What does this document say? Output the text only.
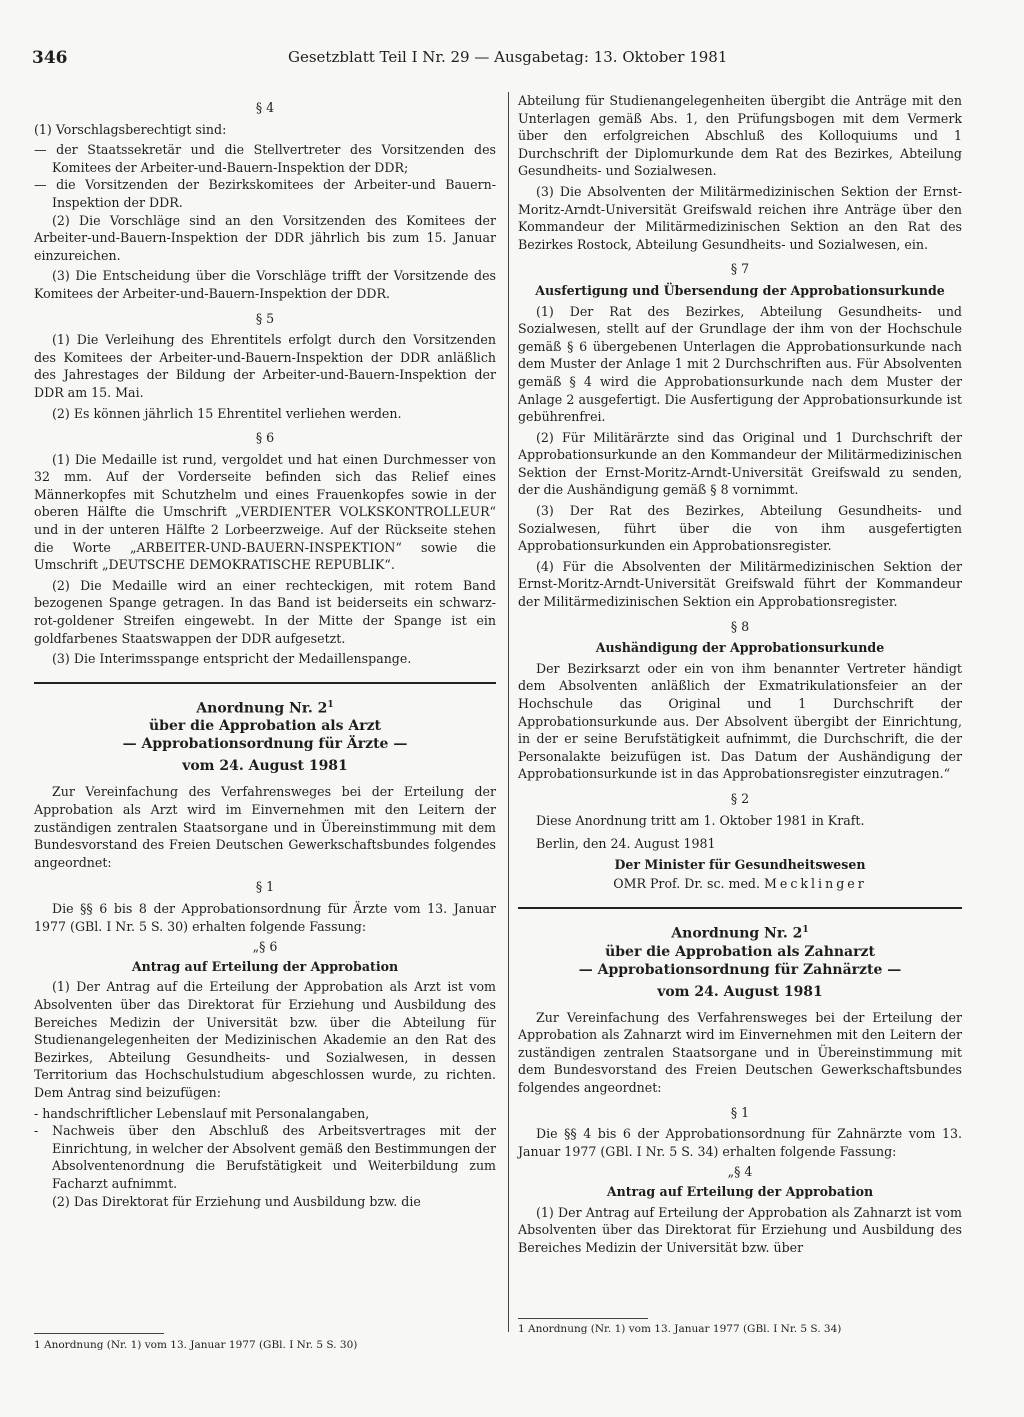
346	Gesetzblatt Teil I Nr. 29 — Ausgabetag: 13. Oktober 1981
§ 4

(1) Vorschlagsberechtigt sind:

— der Staatssekretär und die Stellvertreter des Vorsitzenden des Komitees der Arbeiter-und-Bauern-Inspektion der DDR;

— die Vorsitzenden der Bezirkskomitees der Arbeiter-und Bauern-Inspektion der DDR.

(2) Die Vorschläge sind an den Vorsitzenden des Komitees der Arbeiter-und-Bauern-Inspektion der DDR jährlich bis zum 15. Januar einzureichen.

(3) Die Entscheidung über die Vorschläge trifft der Vorsitzende des Komitees der Arbeiter-und-Bauern-Inspektion der DDR.

§ 5

(1) Die Verleihung des Ehrentitels erfolgt durch den Vorsitzenden des Komitees der Arbeiter-und-Bauern-Inspektion der DDR anläßlich des Jahrestages der Bildung der Arbeiter-und-Bauern-Inspektion der DDR am 15. Mai.

(2) Es können jährlich 15 Ehrentitel verliehen werden.

§ 6

(1) Die Medaille ist rund, vergoldet und hat einen Durchmesser von 32 mm. Auf der Vorderseite befinden sich das Relief eines Männerkopfes mit Schutzhelm und eines Frauenkopfes sowie in der oberen Hälfte die Umschrift „VERDIENTER VOLKSKONTROLLEUR“ und in der unteren Hälfte 2 Lorbeerzweige. Auf der Rückseite stehen die Worte „ARBEITER-UND-BAUERN-INSPEKTION“ sowie die Umschrift „DEUTSCHE DEMOKRATISCHE REPUBLIK“.

(2) Die Medaille wird an einer rechteckigen, mit rotem Band bezogenen Spange getragen. In das Band ist beiderseits ein schwarz-rot-goldener Streifen eingewebt. In der Mitte der Spange ist ein goldfarbenes Staatswappen der DDR aufgesetzt.

(3) Die Interimsspange entspricht der Medaillenspange.

Anordnung Nr. $2^1$
über die Approbation als Arzt
— Approbationsordnung für Ärzte —
vom 24. August 1981

Zur Vereinfachung des Verfahrensweges bei der Erteilung der Approbation als Arzt wird im Einvernehmen mit den Leitern der zuständigen zentralen Staatsorgane und in Übereinstimmung mit dem Bundesvorstand des Freien Deutschen Gewerkschaftsbundes folgendes angeordnet:

§ 1

Die §§ 6 bis 8 der Approbationsordnung für Ärzte vom 13. Januar 1977 (GBl. I Nr. 5 S. 30) erhalten folgende Fassung:

„§ 6
Antrag auf Erteilung der Approbation

(1) Der Antrag auf die Erteilung der Approbation als Arzt ist vom Absolventen über das Direktorat für Erziehung und Ausbildung des Bereiches Medizin der Universität bzw. über die Abteilung für Studienangelegenheiten der Medizinischen Akademie an den Rat des Bezirkes, Abteilung Gesundheits- und Sozialwesen, in dessen Territorium das Hochschulstudium abgeschlossen wurde, zu richten. Dem Antrag sind beizufügen:

- handschriftlicher Lebenslauf mit Personalangaben,

- Nachweis über den Abschluß des Arbeitsvertrages mit der Einrichtung, in welcher der Absolvent gemäß den Bestimmungen der Absolventenordnung die Berufstätigkeit und Weiterbildung zum Facharzt aufnimmt.

(2) Das Direktorat für Erziehung und Ausbildung bzw. die

1 Anordnung (Nr. 1) vom 13. Januar 1977 (GBl. I Nr. 5 S. 30)

Abteilung für Studienangelegenheiten übergibt die Anträge mit den Unterlagen gemäß Abs. 1, den Prüfungsbogen mit dem Vermerk über den erfolgreichen Abschluß des Kolloquiums und 1 Durchschrift der Diplomurkunde dem Rat des Bezirkes, Abteilung Gesundheits- und Sozialwesen.

(3) Die Absolventen der Militärmedizinischen Sektion der Ernst-Moritz-Arndt-Universität Greifswald reichen ihre Anträge über den Kommandeur der Militärmedizinischen Sektion an den Rat des Bezirkes Rostock, Abteilung Gesundheits- und Sozialwesen, ein.

§ 7
Ausfertigung und Übersendung der Approbationsurkunde

(1) Der Rat des Bezirkes, Abteilung Gesundheits- und Sozialwesen, stellt auf der Grundlage der ihm von der Hochschule gemäß § 6 übergebenen Unterlagen die Approbationsurkunde nach dem Muster der Anlage 1 mit 2 Durchschriften aus. Für Absolventen gemäß § 4 wird die Approbationsurkunde nach dem Muster der Anlage 2 ausgefertigt. Die Ausfertigung der Approbationsurkunde ist gebührenfrei.

(2) Für Militärärzte sind das Original und 1 Durchschrift der Approbationsurkunde an den Kommandeur der Militärmedizinischen Sektion der Ernst-Moritz-Arndt-Universität Greifswald zu senden, der die Aushändigung gemäß § 8 vornimmt.

(3) Der Rat des Bezirkes, Abteilung Gesundheits- und Sozialwesen, führt über die von ihm ausgefertigten Approbationsurkunden ein Approbationsregister.

(4) Für die Absolventen der Militärmedizinischen Sektion der Ernst-Moritz-Arndt-Universität Greifswald führt der Kommandeur der Militärmedizinischen Sektion ein Approbationsregister.

§ 8
Aushändigung der Approbationsurkunde

Der Bezirksarzt oder ein von ihm benannter Vertreter händigt dem Absolventen anläßlich der Exmatrikulationsfeier an der Hochschule das Original und 1 Durchschrift der Approbationsurkunde aus. Der Absolvent übergibt der Einrichtung, in der er seine Berufstätigkeit aufnimmt, die Durchschrift, die der Personalakte beizufügen ist. Das Datum der Aushändigung der Approbationsurkunde ist in das Approbationsregister einzutragen.“

§ 2

Diese Anordnung tritt am 1. Oktober 1981 in Kraft.

Berlin, den 24. August 1981

Der Minister für Gesundheitswesen
OMR Prof. Dr. sc. med. Mecklinger
Anordnung Nr. $2^1$
über die Approbation als Zahnarzt
— Approbationsordnung für Zahnärzte —
vom 24. August 1981

Zur Vereinfachung des Verfahrensweges bei der Erteilung der Approbation als Zahnarzt wird im Einvernehmen mit den Leitern der zuständigen zentralen Staatsorgane und in Übereinstimmung mit dem Bundesvorstand des Freien Deutschen Gewerkschaftsbundes folgendes angeordnet:

§ 1

Die §§ 4 bis 6 der Approbationsordnung für Zahnärzte vom 13. Januar 1977 (GBl. I Nr. 5 S. 34) erhalten folgende Fassung:

„§ 4
Antrag auf Erteilung der Approbation

(1) Der Antrag auf Erteilung der Approbation als Zahnarzt ist vom Absolventen über das Direktorat für Erziehung und Ausbildung des Bereiches Medizin der Universität bzw. über

1 Anordnung (Nr. 1) vom 13. Januar 1977 (GBl. I Nr. 5 S. 34)
